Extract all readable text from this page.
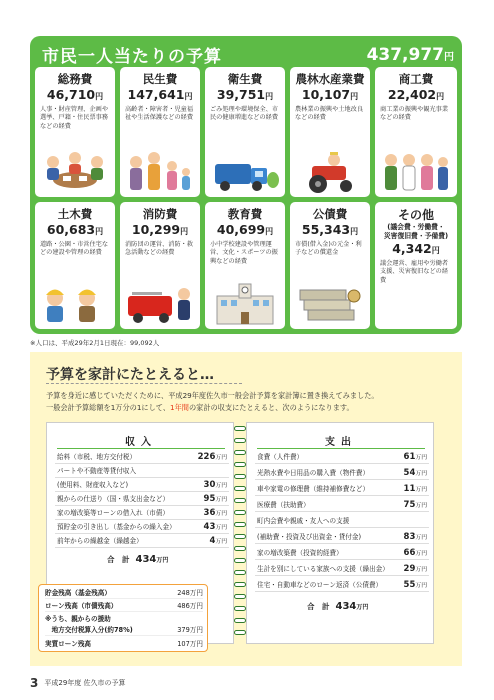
市民一人当たりの予算	437,977円
総務費
46,710円
人事・財産管理、企画や選挙、戸籍・住民票事務などの経費
民生費
147,641円
高齢者・障害者・児童福祉や生活保護などの経費
衛生費
39,751円
ごみ処理や環境保全、市民の健康増進などの経費
農林水産業費
10,107円
農林業の振興や土地改良などの経費
商工費
22,402円
商工業の振興や観光事業などの経費
土木費
60,683円
道路・公園・市営住宅などの建設や管理の経費
消防費
10,299円
消防団の運営、消防・救急活動などの経費
教育費
40,699円
小中学校建設や管理運営、文化・スポーツの振興などの経費
公債費
55,343円
市債(借入金)の元金・利子などの償還金
その他
(議会費・労働費・
災害復旧費・予備費)
4,342円
議会運営、雇用や労働者支援、災害復旧などの経費
※人口は、平成29年2月1日現在：99,092人
予算を家計にたとえると…
予算を身近に感じていただくために、平成29年度佐久市一般会計予算を家計簿に置き換えてみました。
一般会計予算総額を1万分の1にして、1年間の家計の収支にたとえると、次のようになります。
収入
給料（市税、地方交付税）	226万円
パートや不動産等貸付収入
(使用料、財産収入など)	30万円
親からの仕送り（国・県支出金など）	95万円
家の増改築等ローンの借入れ（市債）	36万円
預貯金の引き出し（基金からの繰入金）	43万円
前年からの繰越金（繰越金）	4万円
合　計 434万円
支出
食費（人件費）	61万円
光熱水費や日用品の購入費（物件費）	54万円
車や家電の修理費（維持補修費など）	11万円
医療費（扶助費）	75万円
町内会費や親戚・友人への支援
(補助費・投資及び出資金・貸付金)	83万円
家の増改築費（投資的経費）	66万円
生計を別にしている家族への支援（繰出金） 29万円
住宅・自動車などのローン返済（公債費）	55万円
合　計 434万円
貯金残高（基金残高）	248万円
ローン残高（市債残高）	486万円
※うち、親からの援助
　地方交付税算入分(約78%)	379万円
実質ローン残高	107万円
3 平成29年度 佐久市の予算
